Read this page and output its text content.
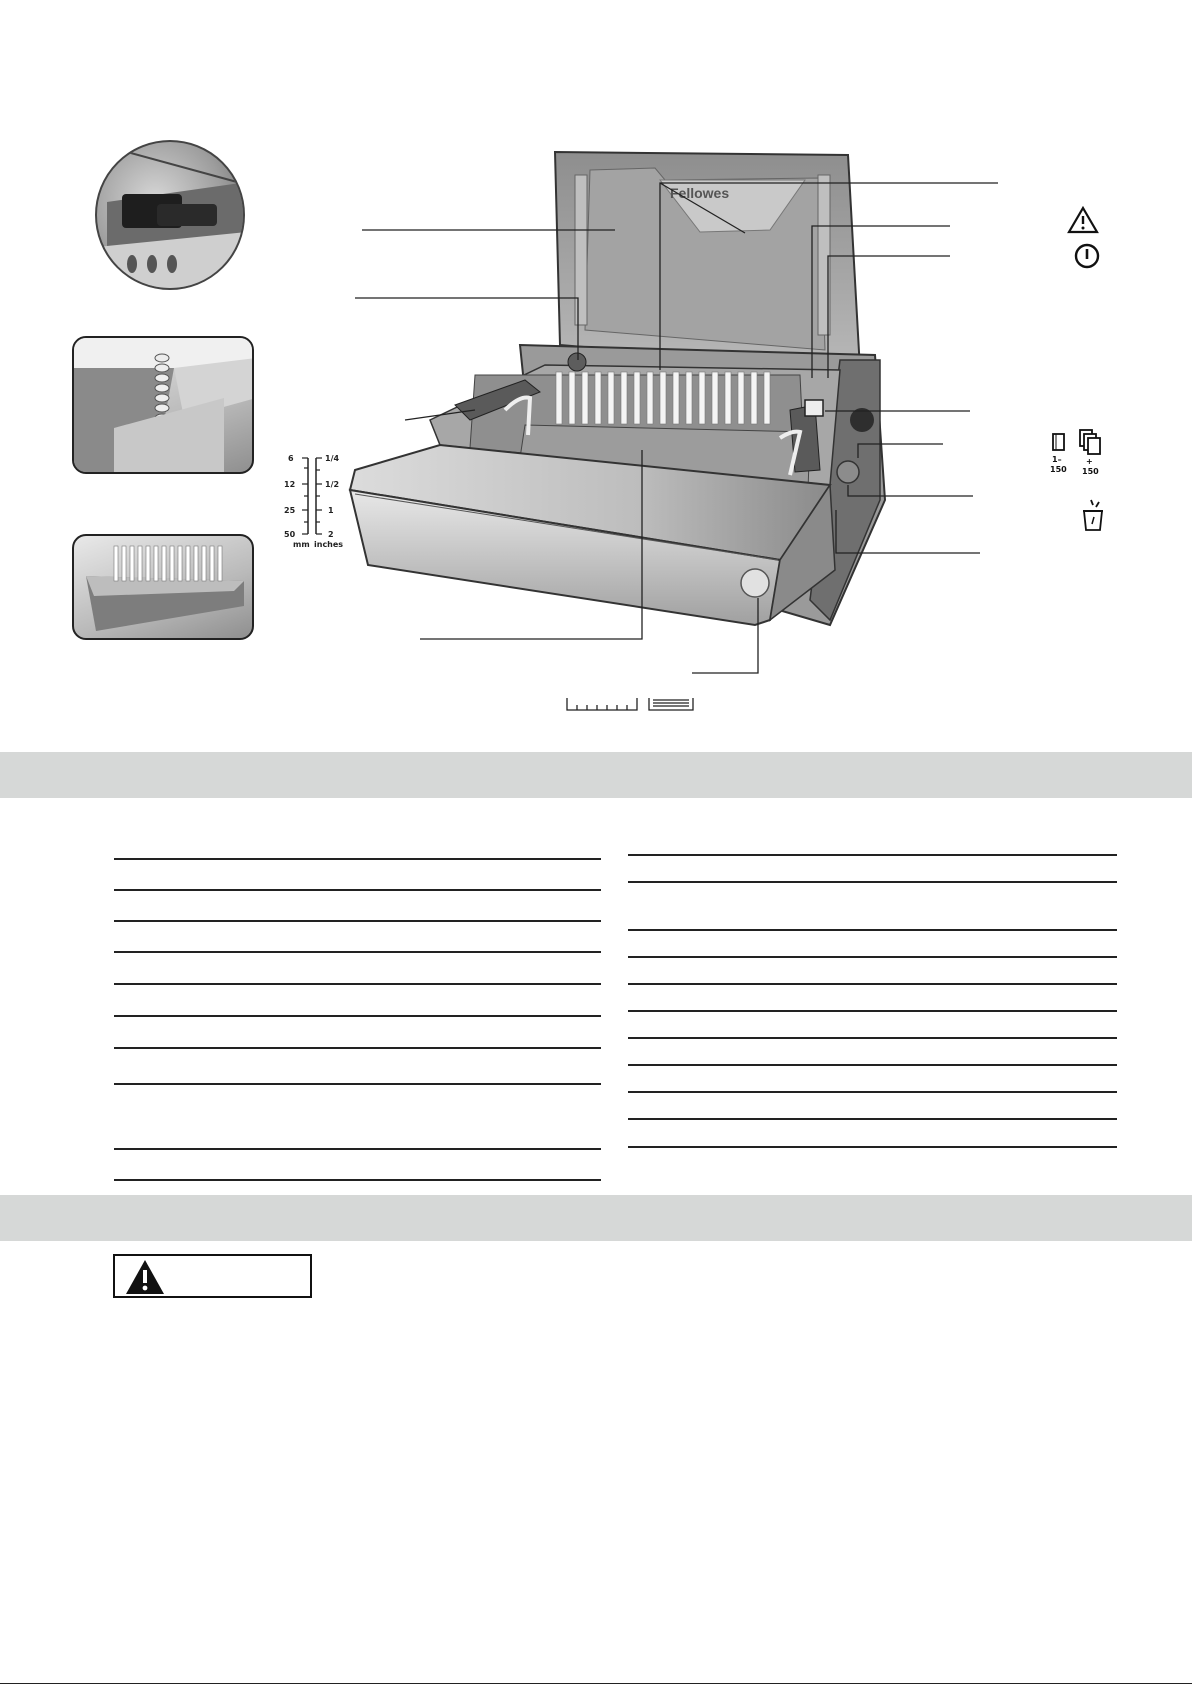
Fellowes
6
12
25
50
1/4
1/2
1
2
mm inches
1–
150
+
150
